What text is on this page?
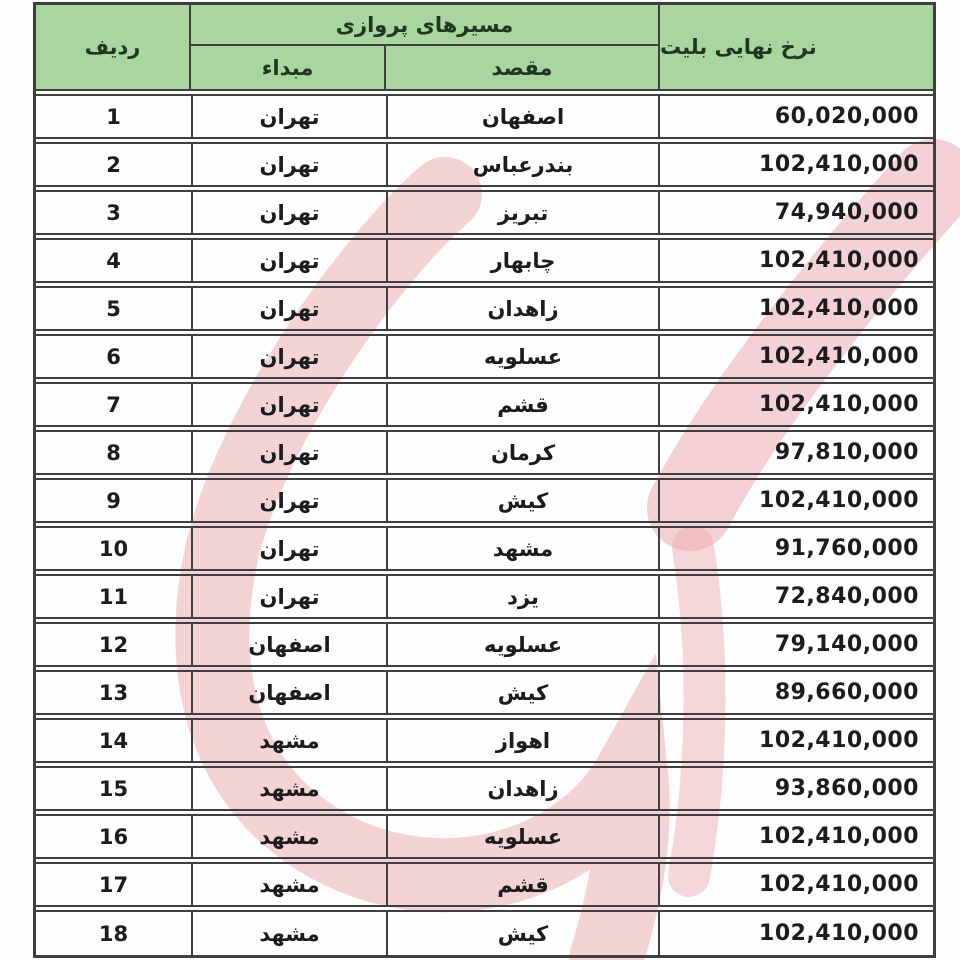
ردیف
مسیرهای پروازی
مبداء	مقصد
نرخ نهایی بلیت
1	تهران	اصفهان	60,020,000
2	تهران	بندرعباس	102,410,000
3	تهران	تبریز	74,940,000
4	تهران	چابهار	102,410,000
5	تهران	زاهدان	102,410,000
6	تهران	عسلویه	102,410,000
7	تهران	قشم	102,410,000
8	تهران	کرمان	97,810,000
9	تهران	کیش	102,410,000
10	تهران	مشهد	91,760,000
11	تهران	یزد	72,840,000
12	اصفهان	عسلویه	79,140,000
13	اصفهان	کیش	89,660,000
14	مشهد	اهواز	102,410,000
15	مشهد	زاهدان	93,860,000
16	مشهد	عسلویه	102,410,000
17	مشهد	قشم	102,410,000
18	مشهد	کیش	102,410,000
